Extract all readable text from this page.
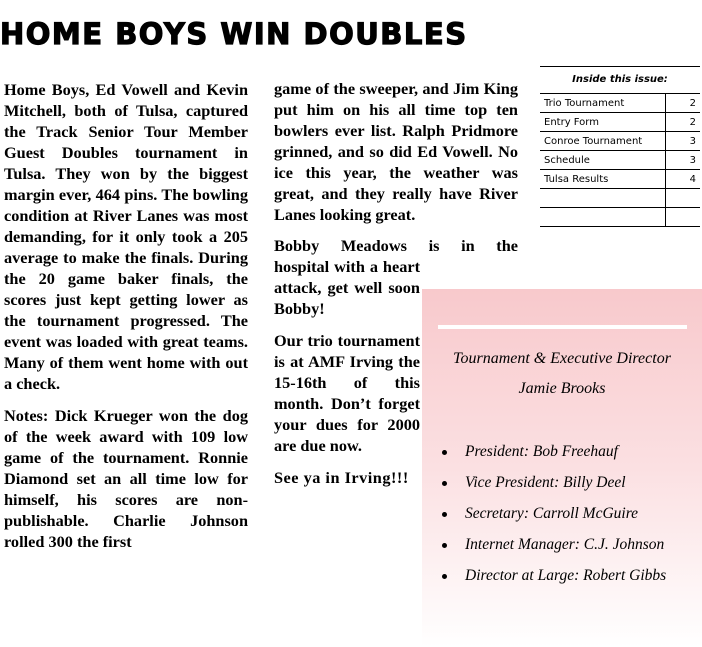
HOME BOYS WIN DOUBLES

Home Boys, Ed Vowell and Kevin Mitchell, both of Tulsa, captured the Track Senior Tour Member Guest Doubles tournament in Tulsa. They won by the biggest margin ever, 464 pins. The bowling condition at River Lanes was most demanding, for it only took a 205 average to make the finals. During the 20 game baker finals, the scores just kept getting lower as the tournament progressed. The event was loaded with great teams. Many of them went home with out a check.

Notes: Dick Krueger won the dog of the week award with 109 low game of the tournament. Ronnie Diamond set an all time low for himself, his scores are non-publishable. Charlie Johnson rolled 300 the first

game of the sweeper, and Jim King put him on his all time top ten bowlers ever list. Ralph Pridmore grinned, and so did Ed Vowell. No ice this year, the weather was great, and they really have River Lanes looking great.

Bobby Meadows is in the

hospital with a heart attack, get well soon Bobby!

Our trio tournament is at AMF Irving the 15-16th of this month. Don’t forget your dues for 2000 are due now.

See ya in Irving!!!

Inside this issue:
Trio Tournament	2
Entry Form	2
Conroe Tournament	3
Schedule	3
Tulsa Results	4

Tournament & Executive Director
Jamie Brooks
President: Bob Freehauf
Vice President: Billy Deel
Secretary: Carroll McGuire
Internet Manager: C.J. Johnson
Director at Large: Robert Gibbs
